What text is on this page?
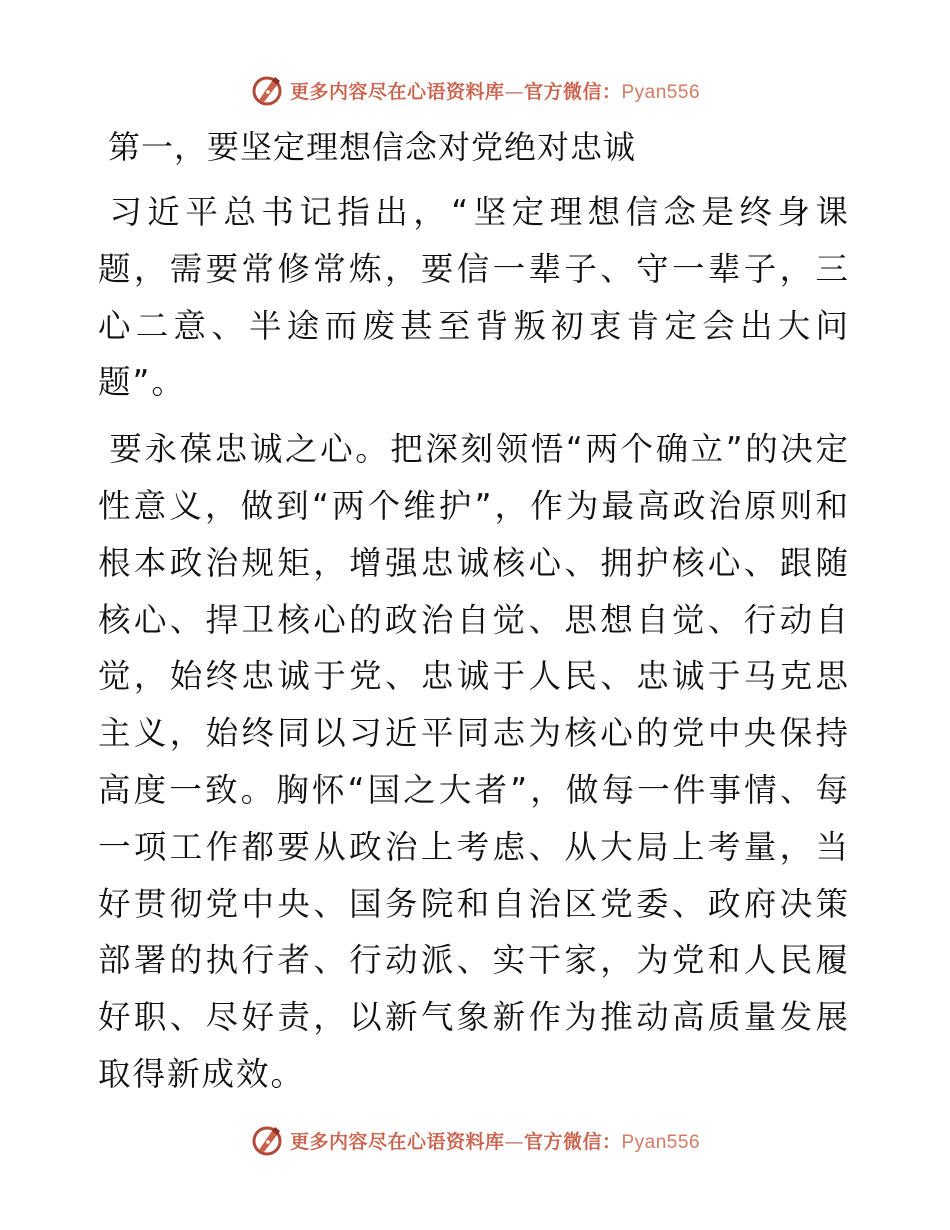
更多内容尽在心语资料库—官方微信：Pyan556
第一，要坚定理想信念对党绝对忠诚

习近平总书记指出，“坚定理想信念是终身课题，需要常修常炼，要信一辈子、守一辈子，三心二意、半途而废甚至背叛初衷肯定会出大问题”。

要永葆忠诚之心。把深刻领悟“两个确立”的决定性意义，做到“两个维护”，作为最高政治原则和根本政治规矩，增强忠诚核心、拥护核心、跟随核心、捍卫核心的政治自觉、思想自觉、行动自觉，始终忠诚于党、忠诚于人民、忠诚于马克思主义，始终同以习近平同志为核心的党中央保持高度一致。胸怀“国之大者”，做每一件事情、每一项工作都要从政治上考虑、从大局上考量，当好贯彻党中央、国务院和自治区党委、政府决策部署的执行者、行动派、实干家，为党和人民履好职、尽好责，以新气象新作为推动高质量发展取得新成效。

更多内容尽在心语资料库—官方微信：Pyan556
